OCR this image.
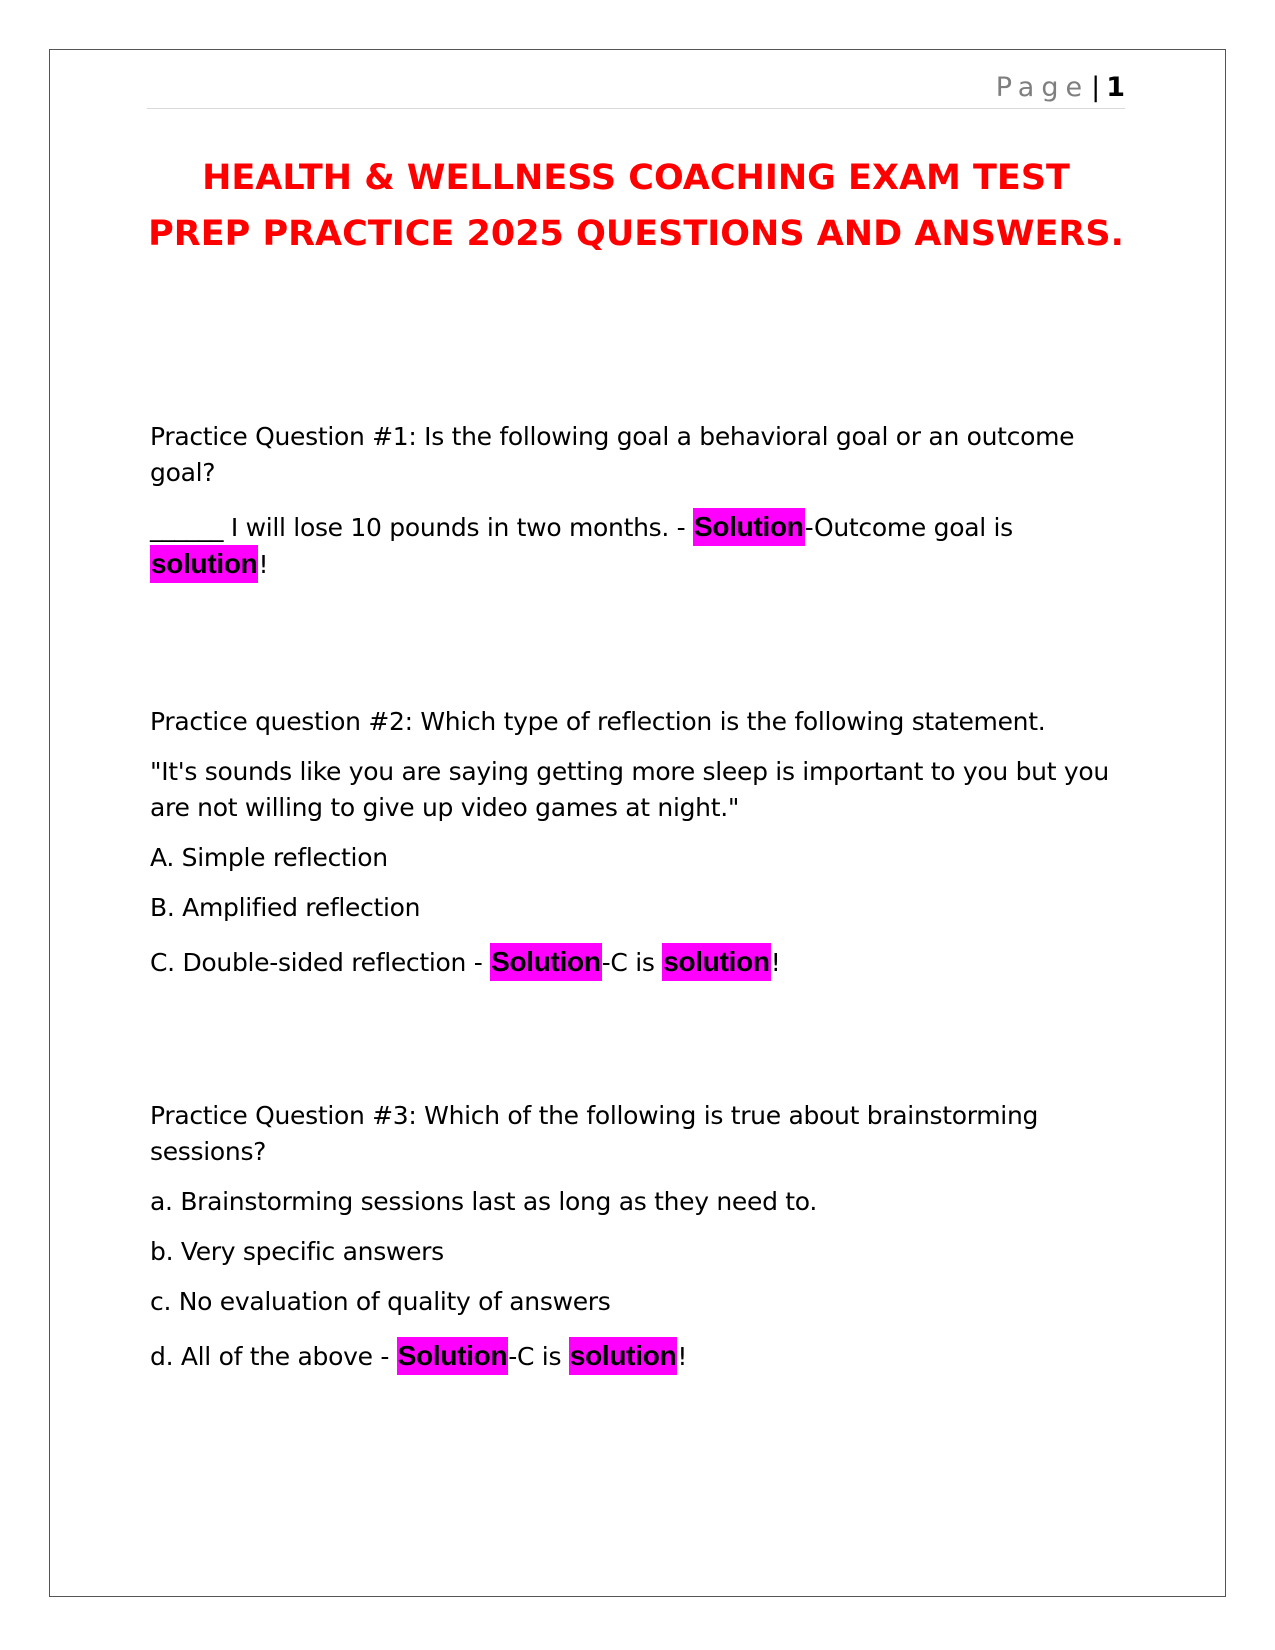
Page| 1
HEALTH & WELLNESS COACHING EXAM TEST PREP PRACTICE 2025 QUESTIONS AND ANSWERS.

Practice Question #1: Is the following goal a behavioral goal or an outcome goal?

______ I will lose 10 pounds in two months. - Solution-Outcome goal is
solution!

Practice question #2: Which type of reflection is the following statement.

"It's sounds like you are saying getting more sleep is important to you but you are not willing to give up video games at night."

A. Simple reflection

B. Amplified reflection

C. Double-sided reflection - Solution-C is solution!

Practice Question #3: Which of the following is true about brainstorming sessions?

a. Brainstorming sessions last as long as they need to.

b. Very specific answers

c. No evaluation of quality of answers

d. All of the above - Solution-C is solution!
